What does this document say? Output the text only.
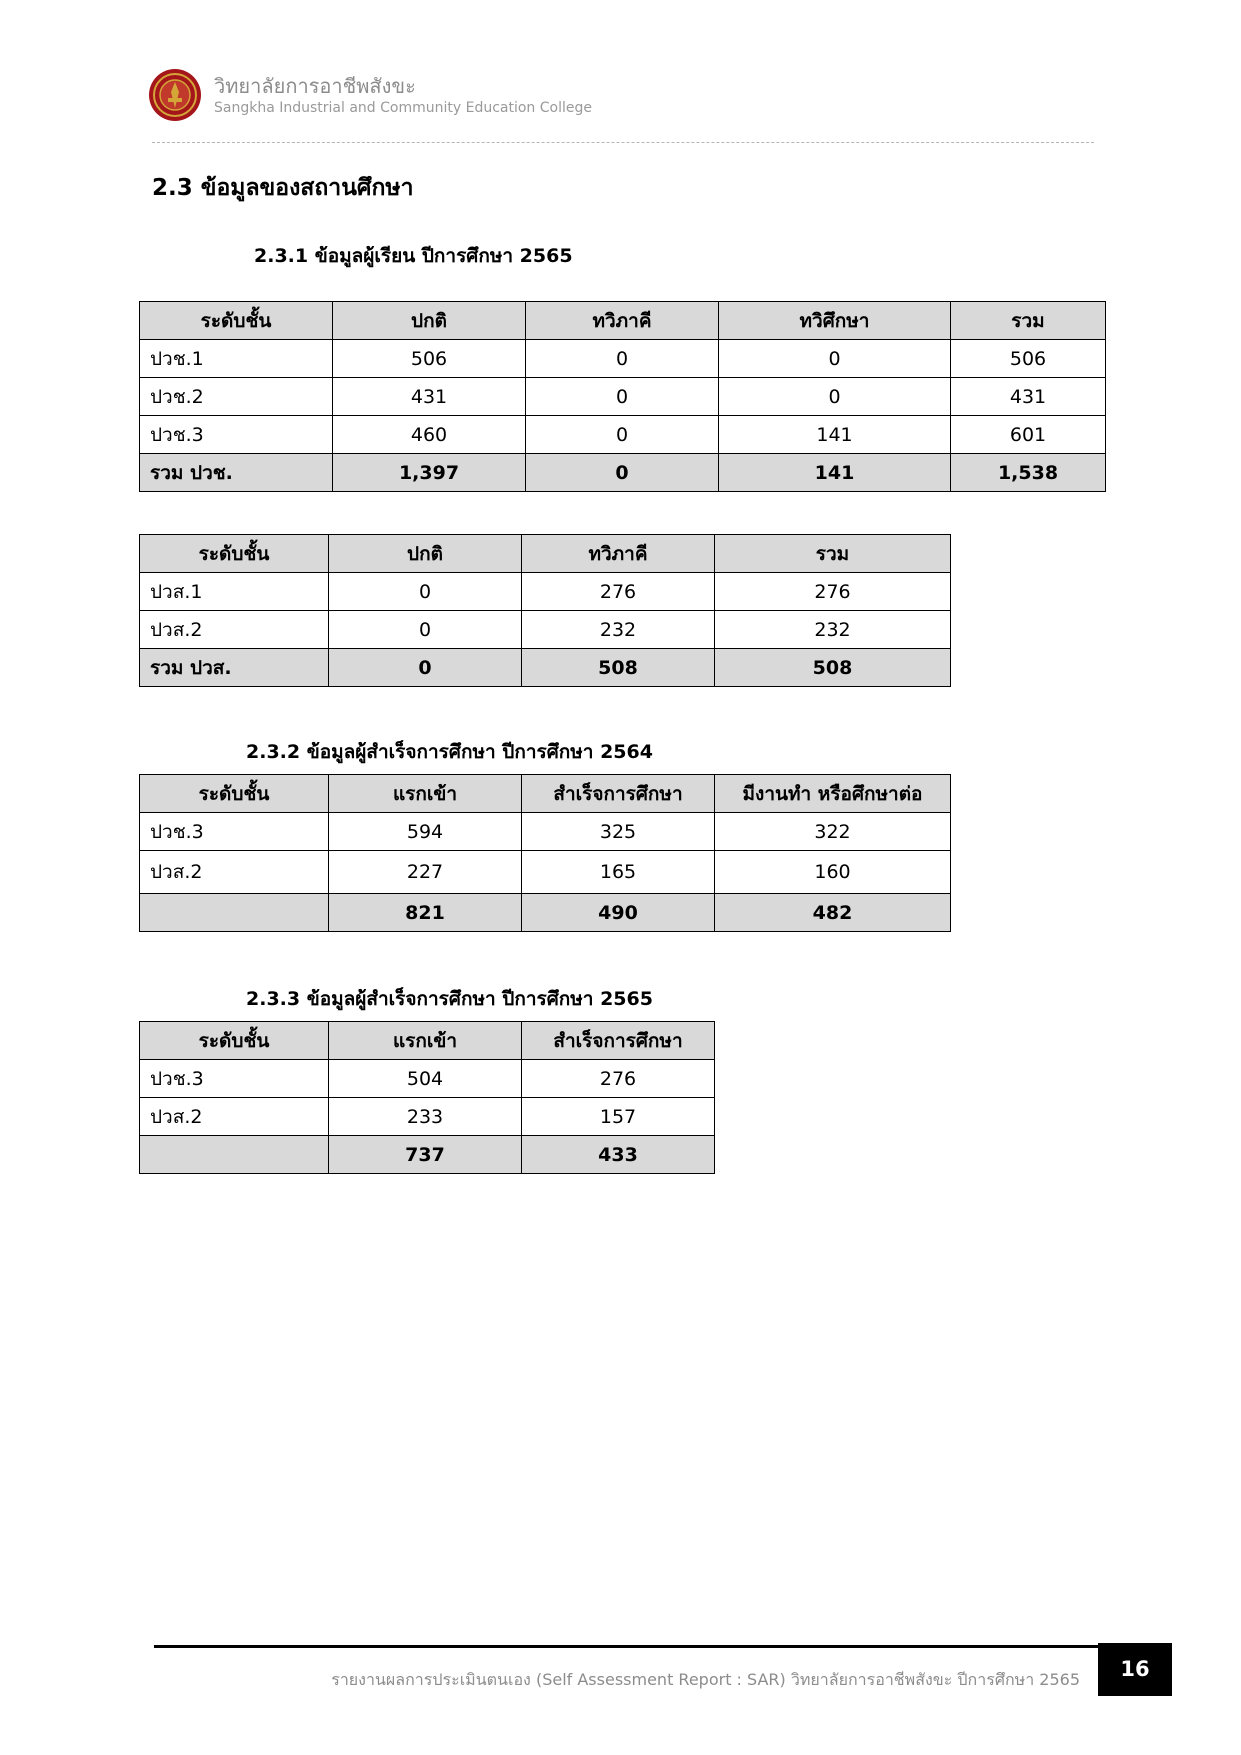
วิทยาลัยการอาชีพสังขะ
Sangkha Industrial and Community Education College
2.3 ข้อมูลของสถานศึกษา
2.3.1 ข้อมูลผู้เรียน ปีการศึกษา 2565
ระดับชั้น	ปกติ	ทวิภาคี	ทวิศึกษา	รวม
ปวช.1	506	0	0	506
ปวช.2	431	0	0	431
ปวช.3	460	0	141	601
รวม ปวช.	1,397	0	141	1,538
ระดับชั้น	ปกติ	ทวิภาคี	รวม
ปวส.1	0	276	276
ปวส.2	0	232	232
รวม ปวส.	0	508	508
2.3.2 ข้อมูลผู้สำเร็จการศึกษา ปีการศึกษา 2564
ระดับชั้น	แรกเข้า	สำเร็จการศึกษา	มีงานทำ หรือศึกษาต่อ
ปวช.3	594	325	322
ปวส.2	227	165	160
	821	490	482
2.3.3 ข้อมูลผู้สำเร็จการศึกษา ปีการศึกษา 2565
ระดับชั้น	แรกเข้า	สำเร็จการศึกษา
ปวช.3	504	276
ปวส.2	233	157
	737	433
รายงานผลการประเมินตนเอง (Self Assessment Report : SAR) วิทยาลัยการอาชีพสังขะ ปีการศึกษา 2565	16
